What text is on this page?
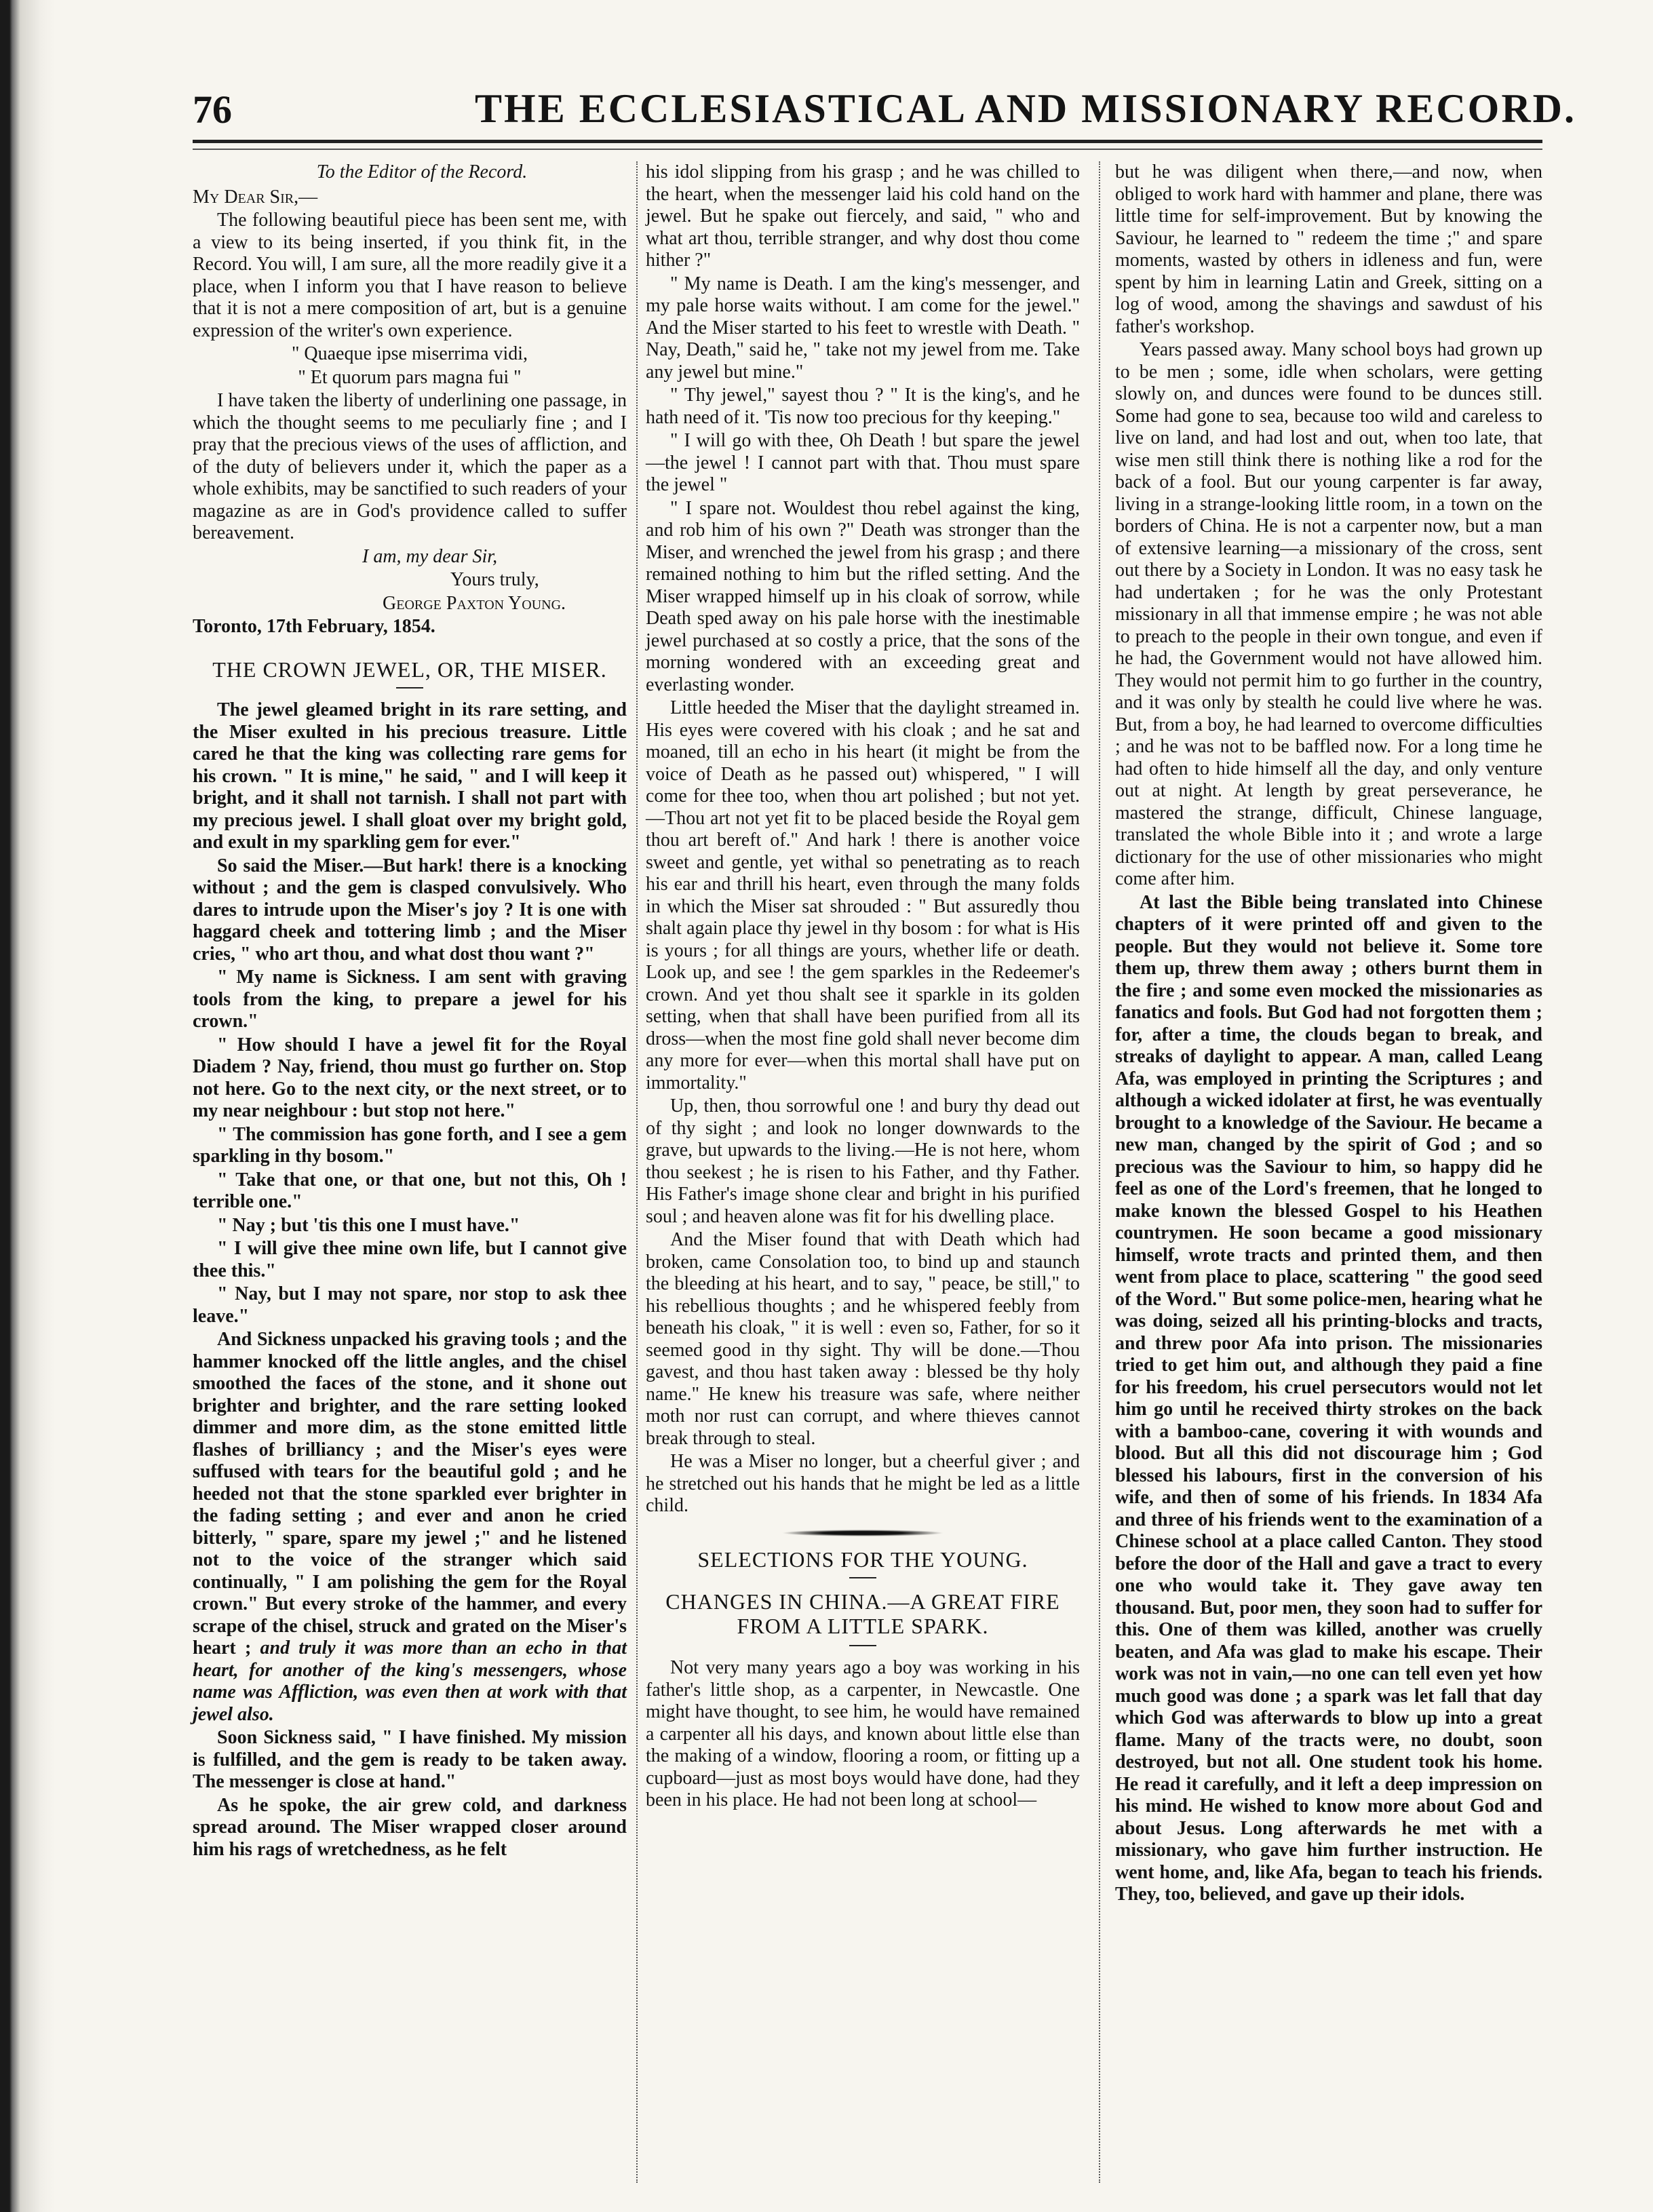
76	THE ECCLESIASTICAL AND MISSIONARY RECORD.

To the Editor of the Record.

My Dear Sir,—

The following beautiful piece has been sent me, with a view to its being inserted, if you think fit, in the Record. You will, I am sure, all the more readily give it a place, when I inform you that I have reason to believe that it is not a mere composition of art, but is a genuine expression of the writer's own experience.

" Quaeque ipse miserrima vidi,

" Et quorum pars magna fui "

I have taken the liberty of underlining one passage, in which the thought seems to me peculiarly fine ; and I pray that the precious views of the uses of affliction, and of the duty of believers under it, which the paper as a whole exhibits, may be sanctified to such readers of your magazine as are in God's providence called to suffer bereavement.

I am, my dear Sir,

Yours truly,

George Paxton Young.

Toronto, 17th February, 1854.

THE CROWN JEWEL, OR, THE MISER.

The jewel gleamed bright in its rare setting, and the Miser exulted in his precious treasure. Little cared he that the king was collecting rare gems for his crown. " It is mine," he said, " and I will keep it bright, and it shall not tarnish. I shall not part with my precious jewel. I shall gloat over my bright gold, and exult in my sparkling gem for ever."

So said the Miser.—But hark! there is a knocking without ; and the gem is clasped convulsively. Who dares to intrude upon the Miser's joy ? It is one with haggard cheek and tottering limb ; and the Miser cries, " who art thou, and what dost thou want ?"

" My name is Sickness. I am sent with graving tools from the king, to prepare a jewel for his crown."

" How should I have a jewel fit for the Royal Diadem ? Nay, friend, thou must go further on. Stop not here. Go to the next city, or the next street, or to my near neighbour : but stop not here."

" The commission has gone forth, and I see a gem sparkling in thy bosom."

" Take that one, or that one, but not this, Oh ! terrible one."

" Nay ; but 'tis this one I must have."

" I will give thee mine own life, but I cannot give thee this."

" Nay, but I may not spare, nor stop to ask thee leave."

And Sickness unpacked his graving tools ; and the hammer knocked off the little angles, and the chisel smoothed the faces of the stone, and it shone out brighter and brighter, and the rare setting looked dimmer and more dim, as the stone emitted little flashes of brilliancy ; and the Miser's eyes were suffused with tears for the beautiful gold ; and he heeded not that the stone sparkled ever brighter in the fading setting ; and ever and anon he cried bitterly, " spare, spare my jewel ;" and he listened not to the voice of the stranger which said continually, " I am polishing the gem for the Royal crown." But every stroke of the hammer, and every scrape of the chisel, struck and grated on the Miser's heart ; and truly it was more than an echo in that heart, for another of the king's messengers, whose name was Affliction, was even then at work with that jewel also.

Soon Sickness said, " I have finished. My mission is fulfilled, and the gem is ready to be taken away. The messenger is close at hand."

As he spoke, the air grew cold, and darkness spread around. The Miser wrapped closer around him his rags of wretchedness, as he felt

his idol slipping from his grasp ; and he was chilled to the heart, when the messenger laid his cold hand on the jewel. But he spake out fiercely, and said, " who and what art thou, terrible stranger, and why dost thou come hither ?"

" My name is Death. I am the king's messenger, and my pale horse waits without. I am come for the jewel." And the Miser started to his feet to wrestle with Death. " Nay, Death," said he, " take not my jewel from me. Take any jewel but mine."

" Thy jewel," sayest thou ? " It is the king's, and he hath need of it. 'Tis now too precious for thy keeping."

" I will go with thee, Oh Death ! but spare the jewel—the jewel ! I cannot part with that. Thou must spare the jewel "

" I spare not. Wouldest thou rebel against the king, and rob him of his own ?" Death was stronger than the Miser, and wrenched the jewel from his grasp ; and there remained nothing to him but the rifled setting. And the Miser wrapped himself up in his cloak of sorrow, while Death sped away on his pale horse with the inestimable jewel purchased at so costly a price, that the sons of the morning wondered with an exceeding great and everlasting wonder.

Little heeded the Miser that the daylight streamed in. His eyes were covered with his cloak ; and he sat and moaned, till an echo in his heart (it might be from the voice of Death as he passed out) whispered, " I will come for thee too, when thou art polished ; but not yet.—Thou art not yet fit to be placed beside the Royal gem thou art bereft of." And hark ! there is another voice sweet and gentle, yet withal so penetrating as to reach his ear and thrill his heart, even through the many folds in which the Miser sat shrouded : " But assuredly thou shalt again place thy jewel in thy bosom : for what is His is yours ; for all things are yours, whether life or death. Look up, and see ! the gem sparkles in the Redeemer's crown. And yet thou shalt see it sparkle in its golden setting, when that shall have been purified from all its dross—when the most fine gold shall never become dim any more for ever—when this mortal shall have put on immortality."

Up, then, thou sorrowful one ! and bury thy dead out of thy sight ; and look no longer downwards to the grave, but upwards to the living.—He is not here, whom thou seekest ; he is risen to his Father, and thy Father. His Father's image shone clear and bright in his purified soul ; and heaven alone was fit for his dwelling place.

And the Miser found that with Death which had broken, came Consolation too, to bind up and staunch the bleeding at his heart, and to say, " peace, be still," to his rebellious thoughts ; and he whispered feebly from beneath his cloak, " it is well : even so, Father, for so it seemed good in thy sight. Thy will be done.—Thou gavest, and thou hast taken away : blessed be thy holy name." He knew his treasure was safe, where neither moth nor rust can corrupt, and where thieves cannot break through to steal.

He was a Miser no longer, but a cheerful giver ; and he stretched out his hands that he might be led as a little child.

SELECTIONS FOR THE YOUNG.

CHANGES IN CHINA.—A GREAT FIRE FROM A LITTLE SPARK.

Not very many years ago a boy was working in his father's little shop, as a carpenter, in Newcastle. One might have thought, to see him, he would have remained a carpenter all his days, and known about little else than the making of a window, flooring a room, or fitting up a cupboard—just as most boys would have done, had they been in his place. He had not been long at school—

but he was diligent when there,—and now, when obliged to work hard with hammer and plane, there was little time for self-improvement. But by knowing the Saviour, he learned to " redeem the time ;" and spare moments, wasted by others in idleness and fun, were spent by him in learning Latin and Greek, sitting on a log of wood, among the shavings and sawdust of his father's workshop.

Years passed away. Many school boys had grown up to be men ; some, idle when scholars, were getting slowly on, and dunces were found to be dunces still. Some had gone to sea, because too wild and careless to live on land, and had lost and out, when too late, that wise men still think there is nothing like a rod for the back of a fool. But our young carpenter is far away, living in a strange-looking little room, in a town on the borders of China. He is not a carpenter now, but a man of extensive learning—a missionary of the cross, sent out there by a Society in London. It was no easy task he had undertaken ; for he was the only Protestant missionary in all that immense empire ; he was not able to preach to the people in their own tongue, and even if he had, the Government would not have allowed him. They would not permit him to go further in the country, and it was only by stealth he could live where he was. But, from a boy, he had learned to overcome difficulties ; and he was not to be baffled now. For a long time he had often to hide himself all the day, and only venture out at night. At length by great perseverance, he mastered the strange, difficult, Chinese language, translated the whole Bible into it ; and wrote a large dictionary for the use of other missionaries who might come after him.

At last the Bible being translated into Chinese chapters of it were printed off and given to the people. But they would not believe it. Some tore them up, threw them away ; others burnt them in the fire ; and some even mocked the missionaries as fanatics and fools. But God had not forgotten them ; for, after a time, the clouds began to break, and streaks of daylight to appear. A man, called Leang Afa, was employed in printing the Scriptures ; and although a wicked idolater at first, he was eventually brought to a knowledge of the Saviour. He became a new man, changed by the spirit of God ; and so precious was the Saviour to him, so happy did he feel as one of the Lord's freemen, that he longed to make known the blessed Gospel to his Heathen countrymen. He soon became a good missionary himself, wrote tracts and printed them, and then went from place to place, scattering " the good seed of the Word." But some police-men, hearing what he was doing, seized all his printing-blocks and tracts, and threw poor Afa into prison. The missionaries tried to get him out, and although they paid a fine for his freedom, his cruel persecutors would not let him go until he received thirty strokes on the back with a bamboo-cane, covering it with wounds and blood. But all this did not discourage him ; God blessed his labours, first in the conversion of his wife, and then of some of his friends. In 1834 Afa and three of his friends went to the examination of a Chinese school at a place called Canton. They stood before the door of the Hall and gave a tract to every one who would take it. They gave away ten thousand. But, poor men, they soon had to suffer for this. One of them was killed, another was cruelly beaten, and Afa was glad to make his escape. Their work was not in vain,—no one can tell even yet how much good was done ; a spark was let fall that day which God was afterwards to blow up into a great flame. Many of the tracts were, no doubt, soon destroyed, but not all. One student took his home. He read it carefully, and it left a deep impression on his mind. He wished to know more about God and about Jesus. Long afterwards he met with a missionary, who gave him further instruction. He went home, and, like Afa, began to teach his friends. They, too, believed, and gave up their idols.
